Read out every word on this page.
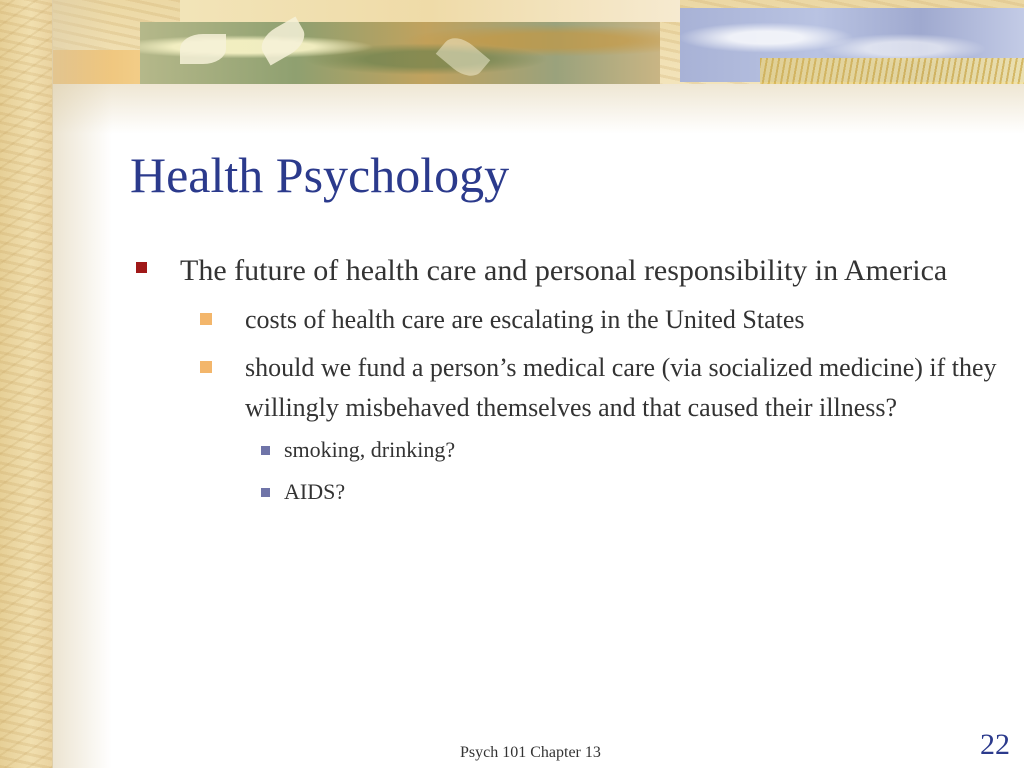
Health Psychology
The future of health care and personal responsibility in America
costs of health care are escalating in the United States
should we fund a person’s medical care (via socialized medicine) if they willingly misbehaved themselves and that caused their illness?
smoking, drinking?
AIDS?
Psych 101 Chapter 13	22
